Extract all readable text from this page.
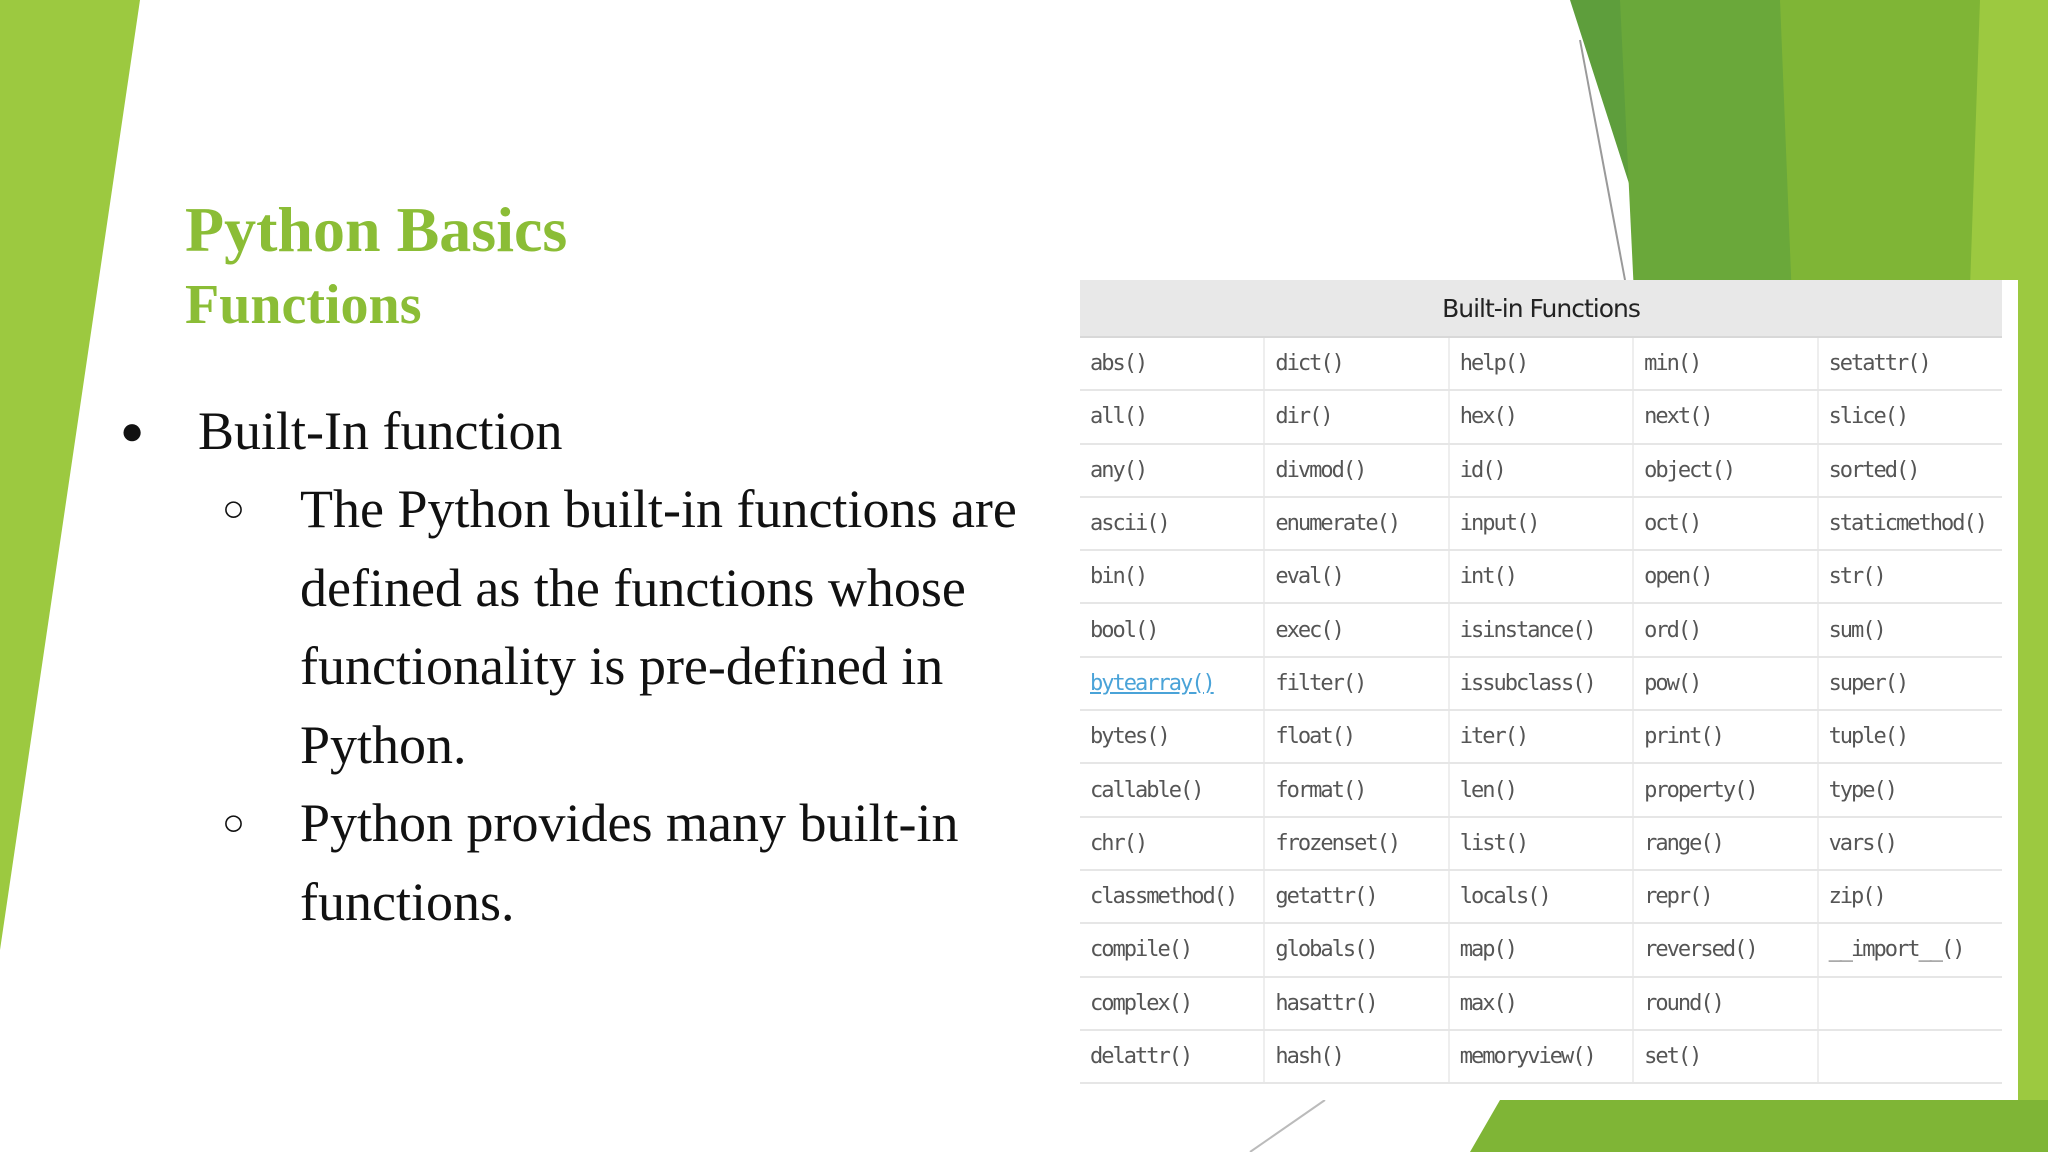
Python Basics
Functions
● Built-In function
○ The Python built-in functions are
defined as the functions whose
functionality is pre-defined in
Python.
○ Python provides many built-in
functions.
Built-in Functions				
abs()	dict()	help()	min()	setattr()
all()	dir()	hex()	next()	slice()
any()	divmod()	id()	object()	sorted()
ascii()	enumerate()	input()	oct()	staticmethod()
bin()	eval()	int()	open()	str()
bool()	exec()	isinstance()	ord()	sum()
bytearray()	filter()	issubclass()	pow()	super()
bytes()	float()	iter()	print()	tuple()
callable()	format()	len()	property()	type()
chr()	frozenset()	list()	range()	vars()
classmethod()	getattr()	locals()	repr()	zip()
compile()	globals()	map()	reversed()	__import__()
complex()	hasattr()	max()	round()	
delattr()	hash()	memoryview()	set()	
